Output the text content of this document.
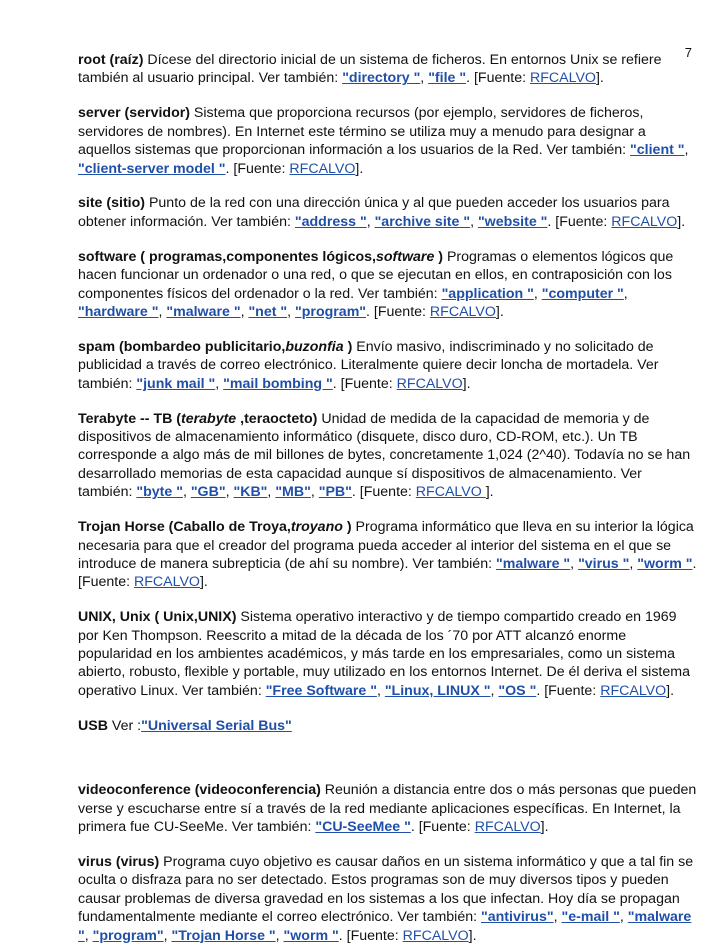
7

root (raíz) Dícese del directorio inicial de un sistema de ficheros. En entornos Unix se refiere también al usuario principal. Ver también: "directory ", "file ". [Fuente: RFCALVO].

server (servidor) Sistema que proporciona recursos (por ejemplo, servidores de ficheros, servidores de nombres). En Internet este término se utiliza muy a menudo para designar a aquellos sistemas que proporcionan información a los usuarios de la Red. Ver también: "client ", "client-server model ". [Fuente: RFCALVO].

site (sitio) Punto de la red con una dirección única y al que pueden acceder los usuarios para obtener información. Ver también: "address ", "archive site ", "website ". [Fuente: RFCALVO].

software ( programas,componentes lógicos,software ) Programas o elementos lógicos que hacen funcionar un ordenador o una red, o que se ejecutan en ellos, en contraposición con los componentes físicos del ordenador o la red. Ver también: "application ", "computer ", "hardware ", "malware ", "net ", "program". [Fuente: RFCALVO].

spam (bombardeo publicitario,buzonfia ) Envío masivo, indiscriminado y no solicitado de publicidad a través de correo electrónico. Literalmente quiere decir loncha de mortadela. Ver también: "junk mail ", "mail bombing ". [Fuente: RFCALVO].

Terabyte -- TB (terabyte ,teraocteto) Unidad de medida de la capacidad de memoria y de dispositivos de almacenamiento informático (disquete, disco duro, CD-ROM, etc.). Un TB corresponde a algo más de mil billones de bytes, concretamente 1,024 (2^40). Todavía no se han desarrollado memorias de esta capacidad aunque sí dispositivos de almacenamiento. Ver también: "byte ", "GB", "KB", "MB", "PB". [Fuente: RFCALVO ].

Trojan Horse (Caballo de Troya,troyano ) Programa informático que lleva en su interior la lógica necesaria para que el creador del programa pueda acceder al interior del sistema en el que se introduce de manera subrepticia (de ahí su nombre). Ver también: "malware ", "virus ", "worm ". [Fuente: RFCALVO].

UNIX, Unix ( Unix,UNIX) Sistema operativo interactivo y de tiempo compartido creado en 1969 por Ken Thompson. Reescrito a mitad de la década de los ´70 por ATT alcanzó enorme popularidad en los ambientes académicos, y más tarde en los empresariales, como un sistema abierto, robusto, flexible y portable, muy utilizado en los entornos Internet. De él deriva el sistema operativo Linux. Ver también: "Free Software ", "Linux, LINUX ", "OS ". [Fuente: RFCALVO].

USB Ver :"Universal Serial Bus"

videoconference (videoconferencia) Reunión a distancia entre dos o más personas que pueden verse y escucharse entre sí a través de la red mediante aplicaciones específicas. En Internet, la primera fue CU-SeeMe. Ver también: "CU-SeeMee ". [Fuente: RFCALVO].

virus (virus) Programa cuyo objetivo es causar daños en un sistema informático y que a tal fin se oculta o disfraza para no ser detectado. Estos programas son de muy diversos tipos y pueden causar problemas de diversa gravedad en los sistemas a los que infectan. Hoy día se propagan fundamentalmente mediante el correo electrónico. Ver también: "antivirus", "e-mail ", "malware ", "program", "Trojan Horse ", "worm ". [Fuente: RFCALVO].
